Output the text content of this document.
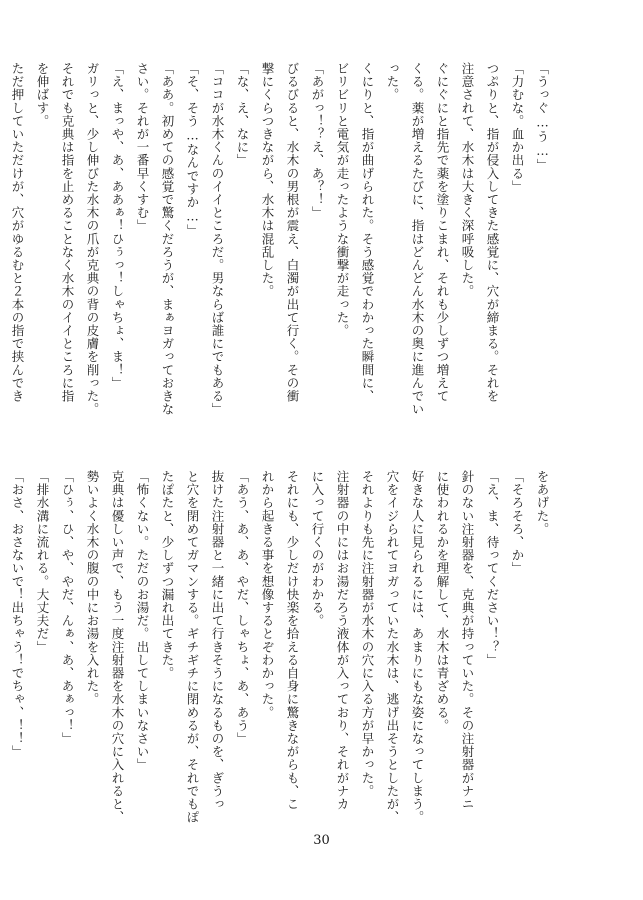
「うっぐ…う…」
「力むな。血か出る」
つぷりと、指が侵入してきた感覚に、穴が締まる。それを
注意されて、水木は大きく深呼吸した。
ぐにぐにと指先で薬を塗りこまれ、それも少しずつ増えて
くる。薬が増えるたびに、指はどんどん水木の奥に進んでい
った。
くにりと、指が曲げられた。そう感覚でわかった瞬間に、
ビリビリと電気が走ったような衝撃が走った。
「あがっ！？え、あ？！」
びるびると、水木の男根が震え、白濁が出て行く。その衝
撃にくらつきながら、水木は混乱した。
「な、え、なに」
「ココが水木くんのイイところだ。男ならば誰にでもある」
「そ、そう…なんですか…」
「ああ。初めての感覚で驚くだろうが、まぁヨガっておきな
さい。それが一番早くすむ」
「え、まっや、あ、ああぁ！ひぅっ！しゃちょ、ま！」
ガリっと、少し伸びた水木の爪が克典の背の皮膚を削った。
それでも克典は指を止めることなく水木のイイところに指
を伸ばす。
ただ押していただけが、穴がゆるむと２本の指で挟んでき
をあげた。
「そろそろ、か」
「え、ま、待ってください！？」
針のない注射器を、克典が持っていた。その注射器がナニ
に使われるかを理解して、水木は青ざめる。
好きな人に見られるには、あまりにもな姿になってしまう。
穴をイジられてヨガっていた水木は、逃げ出そうとしたが、
それよりも先に注射器が水木の穴に入る方が早かった。
注射器の中にはお湯だろう液体が入っており、それがナカ
に入って行くのがわかる。
それにも、少しだけ快楽を拾える自身に驚きながらも、こ
れから起きる事を想像するとぞわかった。
「あう、あ、あ、やだ、しゃちょ、あ、あう」
抜けた注射器と一緒に出て行きそうになるものを、ぎうっ
と穴を閉めてガマンする。ギチギチに閉めるが、それでもぽ
たぽたと、少しずつ漏れ出てきた。
「怖くない。ただのお湯だ。出してしまいなさい」
克典は優しい声で、もう一度注射器を水木の穴に入れると、
勢いよく水木の腹の中にお湯を入れた。
「ひぅ、ひ、や、やだ、んぁ、あ、あぁっ！」
「排水溝に流れる。大丈夫だ」
「おさ、おさないで！出ちゃう！でちゃ、！！」
30
